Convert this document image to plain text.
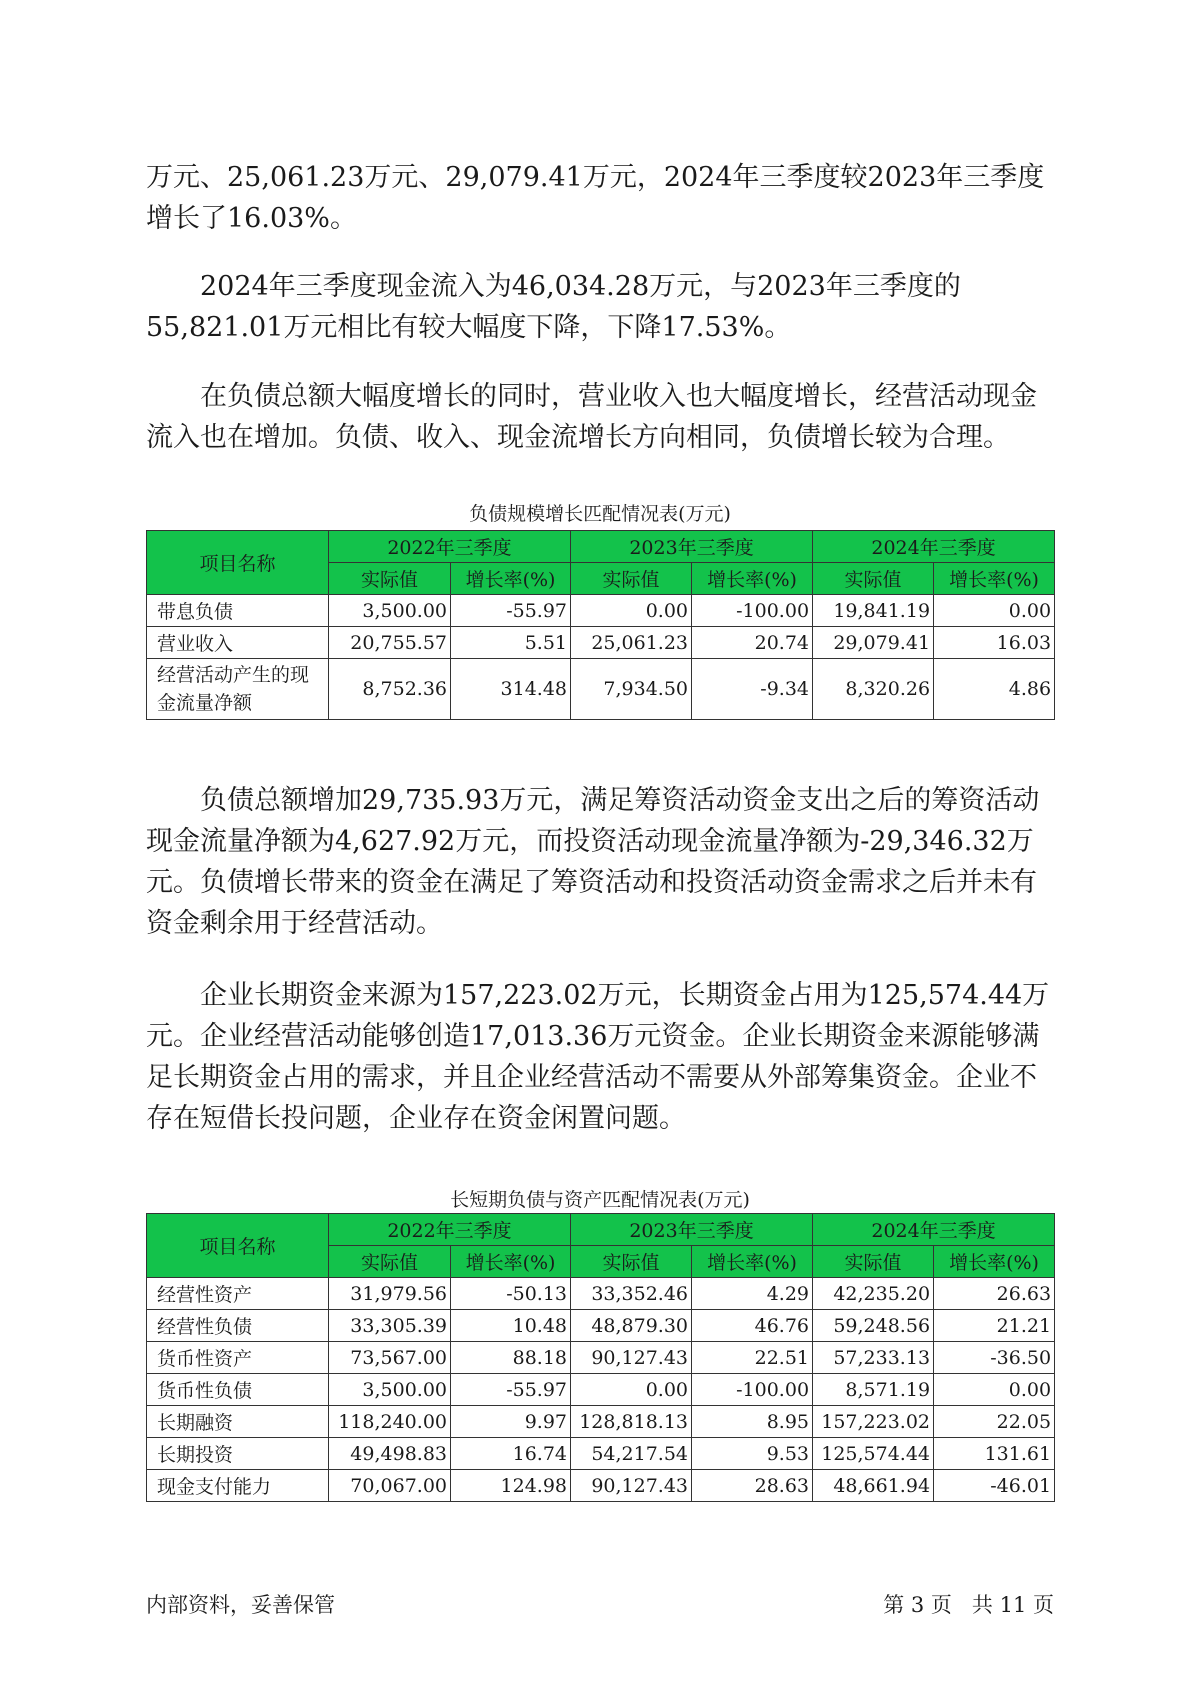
万元、25,061.23万元、29,079.41万元，2024年三季度较2023年三季度增长了16.03%。

2024年三季度现金流入为46,034.28万元，与2023年三季度的55,821.01万元相比有较大幅度下降，下降17.53%。

在负债总额大幅度增长的同时，营业收入也大幅度增长，经营活动现金流入也在增加。负债、收入、现金流增长方向相同，负债增长较为合理。

负债规模增长匹配情况表(万元)

项目名称	2022年三季度		2023年三季度		2024年三季度	
	实际值	增长率(%)	实际值	增长率(%)	实际值	增长率(%)
带息负债	3,500.00	-55.97	0.00	-100.00	19,841.19	0.00
营业收入	20,755.57	5.51	25,061.23	20.74	29,079.41	16.03
经营活动产生的现金流量净额	8,752.36	314.48	7,934.50	-9.34	8,320.26	4.86

负债总额增加29,735.93万元，满足筹资活动资金支出之后的筹资活动现金流量净额为4,627.92万元，而投资活动现金流量净额为-29,346.32万元。负债增长带来的资金在满足了筹资活动和投资活动资金需求之后并未有资金剩余用于经营活动。

企业长期资金来源为157,223.02万元，长期资金占用为125,574.44万元。企业经营活动能够创造17,013.36万元资金。企业长期资金来源能够满足长期资金占用的需求，并且企业经营活动不需要从外部筹集资金。企业不存在短借长投问题，企业存在资金闲置问题。

长短期负债与资产匹配情况表(万元)

项目名称	2022年三季度		2023年三季度		2024年三季度	
	实际值	增长率(%)	实际值	增长率(%)	实际值	增长率(%)
经营性资产	31,979.56	-50.13	33,352.46	4.29	42,235.20	26.63
经营性负债	33,305.39	10.48	48,879.30	46.76	59,248.56	21.21
货币性资产	73,567.00	88.18	90,127.43	22.51	57,233.13	-36.50
货币性负债	3,500.00	-55.97	0.00	-100.00	8,571.19	0.00
长期融资	118,240.00	9.97	128,818.13	8.95	157,223.02	22.05
长期投资	49,498.83	16.74	54,217.54	9.53	125,574.44	131.61
现金支付能力	70,067.00	124.98	90,127.43	28.63	48,661.94	-46.01

内部资料，妥善保管	第 3 页   共 11 页
